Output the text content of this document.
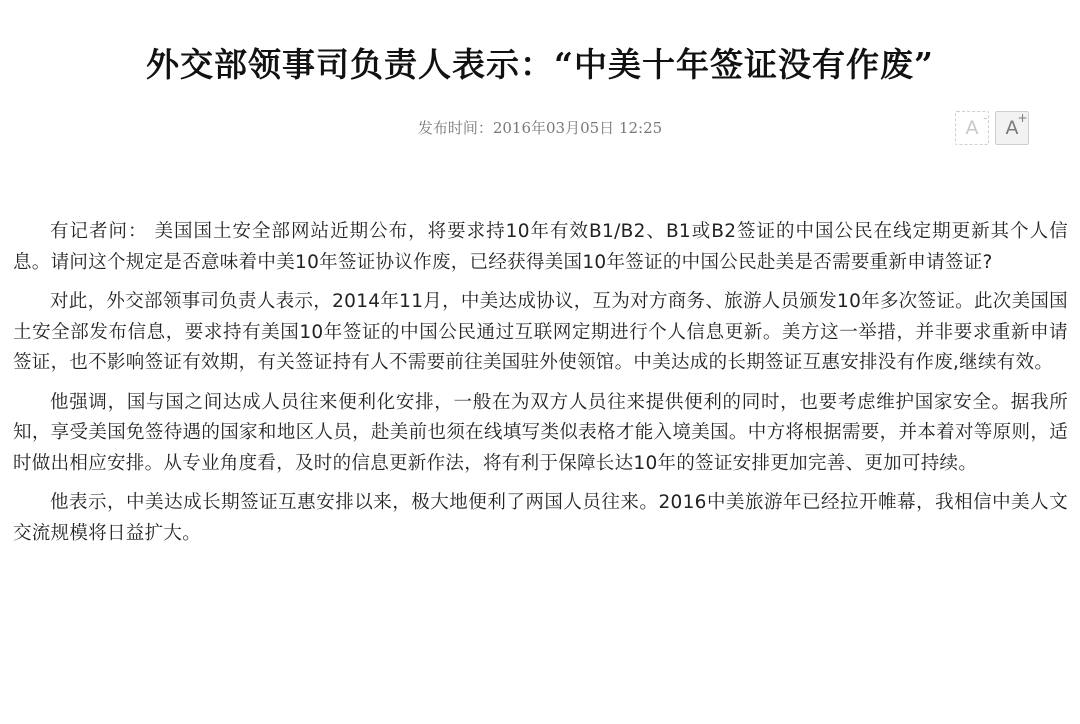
外交部领事司负责人表示：“中美十年签证没有作废”
发布时间：2016年03月05日 12:25	A - A
+

有记者问： 美国国土安全部网站近期公布，将要求持10年有效B1/B2、B1或B2签证的中国公民在线定期更新其个人信息。请问这个规定是否意味着中美10年签证协议作废，已经获得美国10年签证的中国公民赴美是否需要重新申请签证?

对此，外交部领事司负责人表示，2014年11月，中美达成协议，互为对方商务、旅游人员颁发10年多次签证。此次美国国土安全部发布信息，要求持有美国10年签证的中国公民通过互联网定期进行个人信息更新。美方这一举措，并非要求重新申请签证，也不影响签证有效期，有关签证持有人不需要前往美国驻外使领馆。中美达成的长期签证互惠安排没有作废,继续有效。

他强调，国与国之间达成人员往来便利化安排，一般在为双方人员往来提供便利的同时，也要考虑维护国家安全。据我所知，享受美国免签待遇的国家和地区人员，赴美前也须在线填写类似表格才能入境美国。中方将根据需要，并本着对等原则，适时做出相应安排。从专业角度看，及时的信息更新作法，将有利于保障长达10年的签证安排更加完善、更加可持续。

他表示，中美达成长期签证互惠安排以来，极大地便利了两国人员往来。2016中美旅游年已经拉开帷幕，我相信中美人文交流规模将日益扩大。
